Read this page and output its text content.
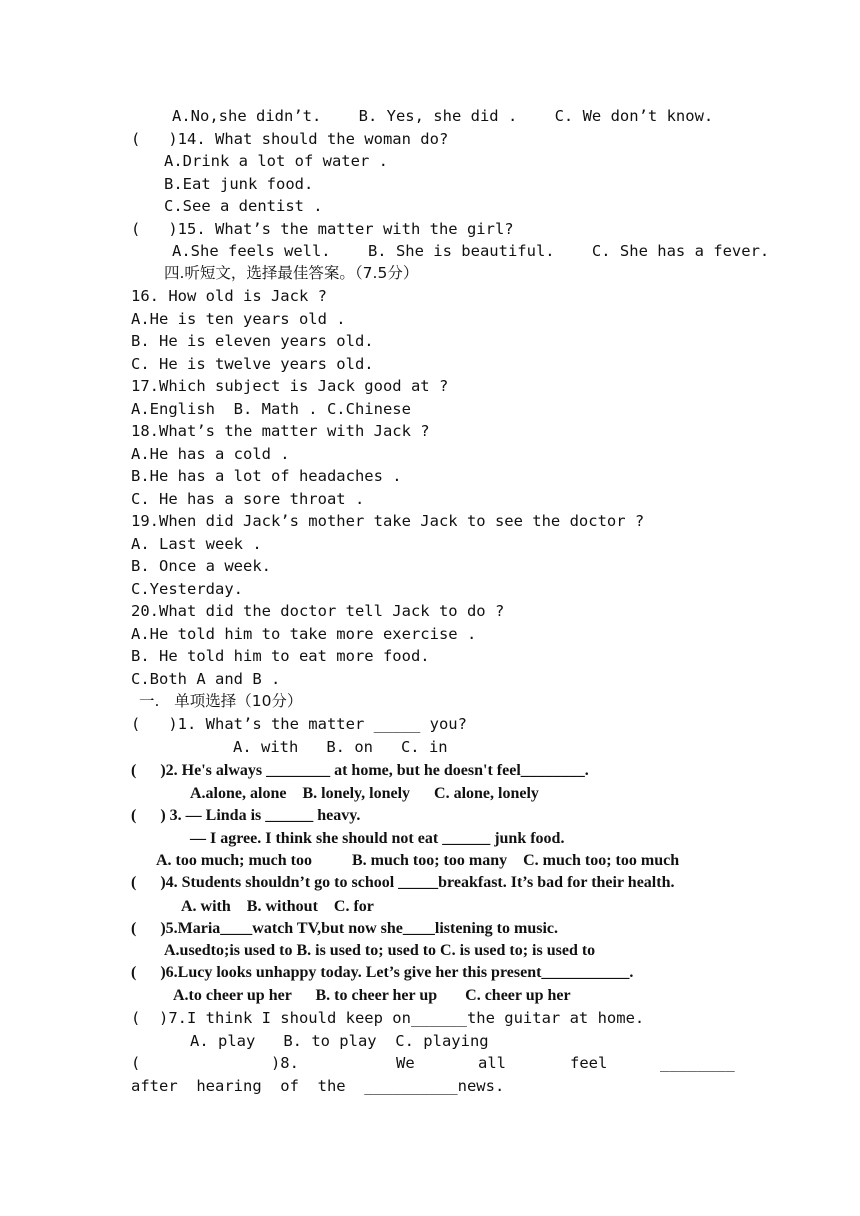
A.No,she didn’t.    B. Yes, she did .    C. We don’t know.
(   )14. What should the woman do?
A.Drink a lot of water .
B.Eat junk food.
C.See a dentist .
(   )15. What’s the matter with the girl?
A.She feels well.    B. She is beautiful.    C. She has a fever.
四.听短文，选择最佳答案。（7.5分）
16. How old is Jack ?
A.He is ten years old .
B. He is eleven years old.
C. He is twelve years old.
17.Which subject is Jack good at ?
A.English  B. Math . C.Chinese
18.What’s the matter with Jack ?
A.He has a cold .
B.He has a lot of headaches .
C. He has a sore throat .
19.When did Jack’s mother take Jack to see the doctor ?
A. Last week .
B. Once a week.
C.Yesterday.
20.What did the doctor tell Jack to do ?
A.He told him to take more exercise .
B. He told him to eat more food.
C.Both A and B .
一.   单项选择（10分）
(   )1. What’s the matter _____ you?
A. with   B. on   C. in
(      )2. He's always ________ at home, but he doesn't feel________.
A.alone, alone    B. lonely, lonely      C. alone, lonely
(      ) 3. — Linda is ______ heavy.
— I agree. I think she should not eat ______ junk food.
A. too much; much too          B. much too; too many    C. much too; too much
(      )4. Students shouldn’t go to school _____breakfast. It’s bad for their health.
A. with    B. without    C. for
(      )5.Maria____watch TV,but now she____listening to music.
A.usedto;is used to B. is used to; used to C. is used to; is used to
(      )6.Lucy looks unhappy today. Let’s give her this present___________.
A.to cheer up her      B. to cheer her up       C. cheer up her
(  )7.I think I should keep on______the guitar at home.
A. play   B. to play  C. playing
(              )8.	We	all	feel	________
after  hearing  of  the  __________news.
